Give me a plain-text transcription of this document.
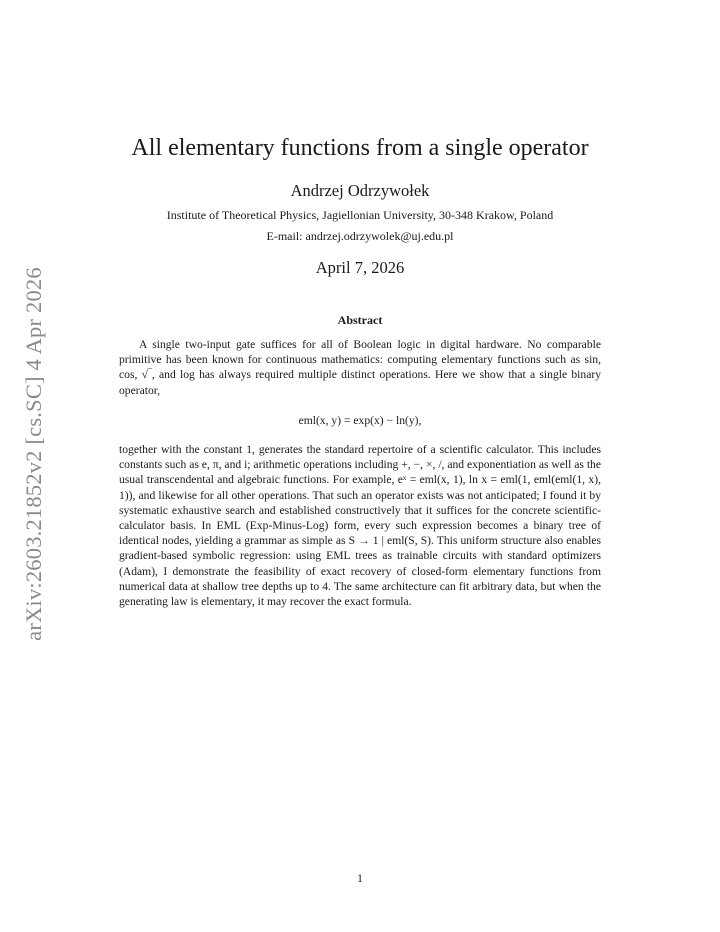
arXiv:2603.21852v2 [cs.SC] 4 Apr 2026
All elementary functions from a single operator
Andrzej Odrzywołek
Institute of Theoretical Physics, Jagiellonian University, 30-348 Krakow, Poland
E-mail: andrzej.odrzywolek@uj.edu.pl
April 7, 2026
Abstract

A single two-input gate suffices for all of Boolean logic in digital hardware. No comparable primitive has been known for continuous mathematics: computing elementary functions such as sin, cos, √‾, and log has always required multiple distinct operations. Here we show that a single binary operator,

eml(x, y) = exp(x) − ln(y),

together with the constant 1, generates the standard repertoire of a scientific calculator. This includes constants such as e, π, and i; arithmetic operations including +, −, ×, /, and exponentiation as well as the usual transcendental and algebraic functions. For example, eˣ = eml(x, 1), ln x = eml(1, eml(eml(1, x), 1)), and likewise for all other operations. That such an operator exists was not anticipated; I found it by systematic exhaustive search and established constructively that it suffices for the concrete scientific-calculator basis. In EML (Exp-Minus-Log) form, every such expression becomes a binary tree of identical nodes, yielding a grammar as simple as S → 1 | eml(S, S). This uniform structure also enables gradient-based symbolic regression: using EML trees as trainable circuits with standard optimizers (Adam), I demonstrate the feasibility of exact recovery of closed-form elementary functions from numerical data at shallow tree depths up to 4. The same architecture can fit arbitrary data, but when the generating law is elementary, it may recover the exact formula.

1
